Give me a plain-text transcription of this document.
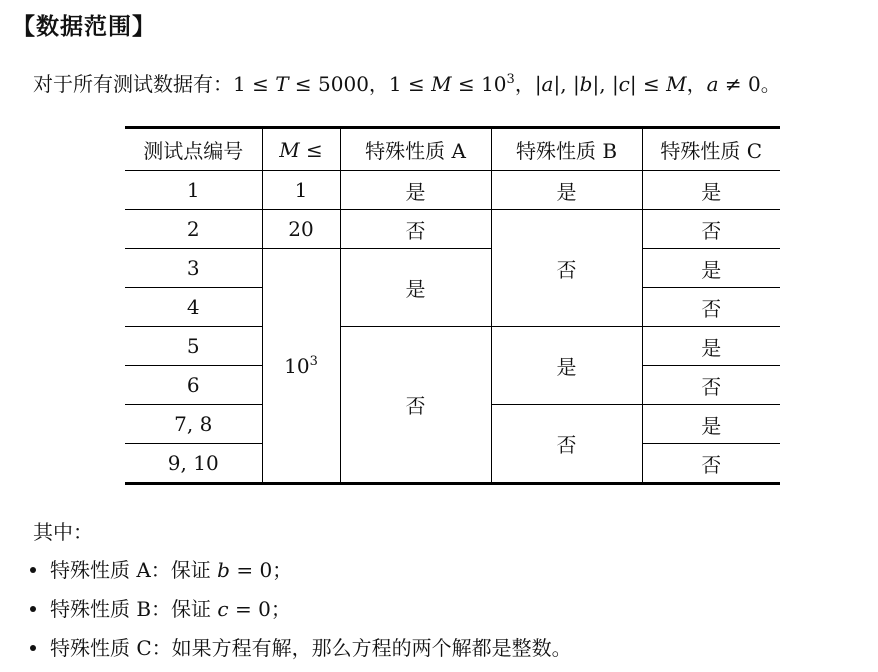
【数据范围】
对于所有测试数据有：1 ≤ T ≤ 5000，$1 \le M \le 10^3$，|a|, |b|, |c| ≤ M，a ≠ 0。
测试点编号	M ≤	特殊性质 A	特殊性质 B	特殊性质 C
1	1	是	是	是
2	20	否	否	否
3	$10^3$	是		是
4				否
5		否	是	是
6				否
7, 8			否	是
9, 10				否
其中：
特殊性质 A：保证 b = 0；
特殊性质 B：保证 c = 0；
特殊性质 C：如果方程有解，那么方程的两个解都是整数。
